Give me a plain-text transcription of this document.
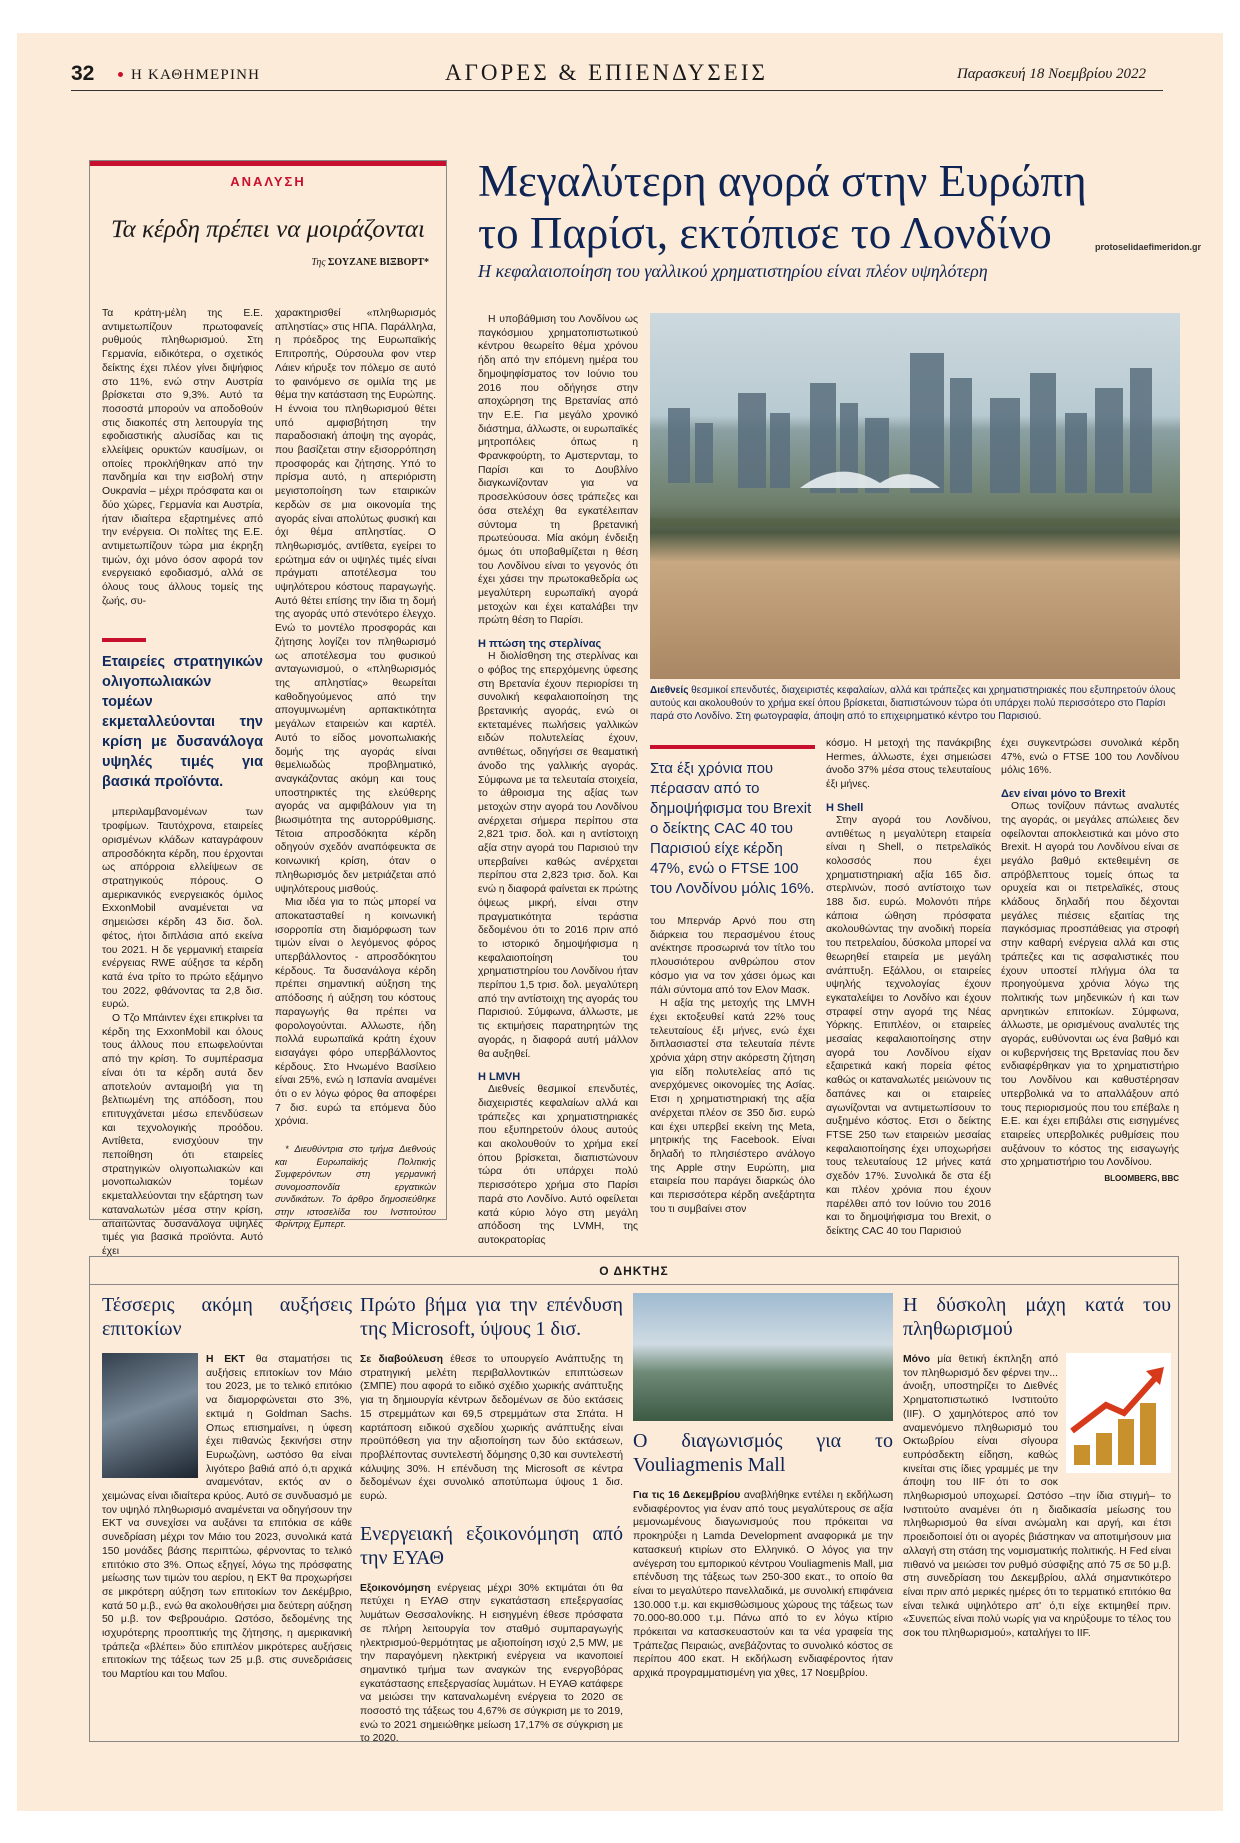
32	Η ΚΑΘΗΜΕΡΙΝΗ	ΑΓΟΡΕΣ & ΕΠΙΕΝΔΥΣΕΙΣ	Παρασκευή 18 Νοεμβρίου 2022
ΑΝΑΛΥΣΗ
Τα κέρδη πρέπει να μοιράζονται
Της ΣΟΥΖΑΝΕ ΒΙΞΒΟΡΤ*

Τα κράτη-μέλη της Ε.Ε. αντιμετωπίζουν πρωτοφανείς ρυθμούς πληθωρισμού. Στη Γερμανία, ειδικότερα, ο σχετικός δείκτης έχει πλέον γίνει διψήφιος στο 11%, ενώ στην Αυστρία βρίσκεται στο 9,3%. Αυτό τα ποσοστά μπορούν να αποδοθούν στις διακοπές στη λειτουργία της εφοδιαστικής αλυσίδας και τις ελλείψεις ορυκτών καυσίμων, οι οποίες προκλήθηκαν από την πανδημία και την εισβολή στην Ουκρανία – μέχρι πρόσφατα και οι δύο χώρες, Γερμανία και Αυστρία, ήταν ιδιαίτερα εξαρτημένες από την ενέργεια. Οι πολίτες της Ε.Ε. αντιμετωπίζουν τώρα μια έκρηξη τιμών, όχι μόνο όσον αφορά τον ενεργειακό εφοδιασμό, αλλά σε όλους τους άλλους τομείς της ζωής, συ-

Εταιρείες στρατηγικών ολιγοπωλιακών τομέων εκμεταλλεύονται την κρίση με δυσανάλογα υψηλές τιμές για βασικά προϊόντα.

μπεριλαμβανομένων των τροφίμων. Ταυτόχρονα, εταιρείες ορισμένων κλάδων καταγράφουν απροσδόκητα κέρδη, που έρχονται ως απόρροια ελλείψεων σε στρατηγικούς πόρους. Ο αμερικανικός ενεργειακός όμιλος ExxonMobil αναμένεται να σημειώσει κέρδη 43 δισ. δολ. φέτος, ήτοι διπλάσια από εκείνα του 2021. Η δε γερμανική εταιρεία ενέργειας RWE αύξησε τα κέρδη κατά ένα τρίτο το πρώτο εξάμηνο του 2022, φθάνοντας τα 2,8 δισ. ευρώ.

Ο Τζο Μπάιντεν έχει επικρίνει τα κέρδη της ExxonMobil και όλους τους άλλους που επωφελούνται από την κρίση. Το συμπέρασμα είναι ότι τα κέρδη αυτά δεν αποτελούν ανταμοιβή για τη βελτιωμένη της απόδοση, που επιτυγχάνεται μέσω επενδύσεων και τεχνολογικής προόδου. Αντίθετα, ενισχύουν την πεποίθηση ότι εταιρείες στρατηγικών ολιγοπωλιακών και μονοπωλιακών τομέων εκμεταλλεύονται την εξάρτηση των καταναλωτών μέσα στην κρίση, απαιτώντας δυσανάλογα υψηλές τιμές για βασικά προϊόντα. Αυτό έχει

χαρακτηρισθεί «πληθωρισμός απληστίας» στις ΗΠΑ. Παράλληλα, η πρόεδρος της Ευρωπαϊκής Επιτροπής, Ούρσουλα φον ντερ Λάιεν κήρυξε τον πόλεμο σε αυτό το φαινόμενο σε ομιλία της με θέμα την κατάσταση της Ευρώπης. Η έννοια του πληθωρισμού θέτει υπό αμφισβήτηση την παραδοσιακή άποψη της αγοράς, που βασίζεται στην εξισορρόπηση προσφοράς και ζήτησης. Υπό το πρίσμα αυτό, η απεριόριστη μεγιστοποίηση των εταιρικών κερδών σε μια οικονομία της αγοράς είναι απολύτως φυσική και όχι θέμα απληστίας. Ο πληθωρισμός, αντίθετα, εγείρει το ερώτημα εάν οι υψηλές τιμές είναι πράγματι αποτέλεσμα του υψηλότερου κόστους παραγωγής. Αυτό θέτει επίσης την ίδια τη δομή της αγοράς υπό στενότερο έλεγχο. Ενώ το μοντέλο προσφοράς και ζήτησης λογίζει τον πληθωρισμό ως αποτέλεσμα του φυσικού ανταγωνισμού, ο «πληθωρισμός της απληστίας» θεωρείται καθοδηγούμενος από την απογυμνωμένη αρπακτικότητα μεγάλων εταιρειών και καρτέλ. Αυτό το είδος μονοπωλιακής δομής της αγοράς είναι θεμελιωδώς προβληματικό, αναγκάζοντας ακόμη και τους υποστηρικτές της ελεύθερης αγοράς να αμφιβάλουν για τη βιωσιμότητα της αυτορρύθμισης. Τέτοια απροσδόκητα κέρδη οδηγούν σχεδόν αναπόφευκτα σε κοινωνική κρίση, όταν ο πληθωρισμός δεν μετριάζεται από υψηλότερους μισθούς.

Μια ιδέα για το πώς μπορεί να αποκατασταθεί η κοινωνική ισορροπία στη διαμόρφωση των τιμών είναι ο λεγόμενος φόρος υπερβάλλοντος - απροσδόκητου κέρδους. Τα δυσανάλογα κέρδη πρέπει σημαντική αύξηση της απόδοσης ή αύξηση του κόστους παραγωγής θα πρέπει να φορολογούνται. Αλλωστε, ήδη πολλά ευρωπαϊκά κράτη έχουν εισαγάγει φόρο υπερβάλλοντος κέρδους. Στο Ηνωμένο Βασίλειο είναι 25%, ενώ η Ισπανία αναμένει ότι ο εν λόγω φόρος θα αποφέρει 7 δισ. ευρώ τα επόμενα δύο χρόνια.

* Διευθύντρια στο τμήμα Διεθνούς και Ευρωπαϊκής Πολιτικής Συμφερόντων στη γερμανική συνομοσπονδία εργατικών συνδικάτων. Το άρθρο δημοσιεύθηκε στην ιστοσελίδα του Ινστιτούτου Φρίντριχ Εμπερτ.

Μεγαλύτερη αγορά στην Ευρώπη το Παρίσι, εκτόπισε το Λονδίνο	protoselidaefimeridon.gr
Η κεφαλαιοποίηση του γαλλικού χρηματιστηρίου είναι πλέον υψηλότερη
Διεθνείς θεσμικοί επενδυτές, διαχειριστές κεφαλαίων, αλλά και τράπεζες και χρηματιστηριακές που εξυπηρετούν όλους αυτούς και ακολουθούν το χρήμα εκεί όπου βρίσκεται, διαπιστώνουν τώρα ότι υπάρχει πολύ περισσότερο στο Παρίσι παρά στο Λονδίνο. Στη φωτογραφία, άποψη από το επιχειρηματικό κέντρο του Παρισιού.

Η υποβάθμιση του Λονδίνου ως παγκόσμιου χρηματοπιστωτικού κέντρου θεωρείτο θέμα χρόνου ήδη από την επόμενη ημέρα του δημοψηφίσματος τον Ιούνιο του 2016 που οδήγησε στην αποχώρηση της Βρετανίας από την Ε.Ε. Για μεγάλο χρονικό διάστημα, άλλωστε, οι ευρωπαϊκές μητροπόλεις όπως η Φρανκφούρτη, το Αμστερνταμ, το Παρίσι και το Δουβλίνο διαγκωνίζονταν για να προσελκύσουν όσες τράπεζες και όσα στελέχη θα εγκατέλειπαν σύντομα τη βρετανική πρωτεύουσα. Μία ακόμη ένδειξη όμως ότι υποβαθμίζεται η θέση του Λονδίνου είναι το γεγονός ότι έχει χάσει την πρωτοκαθεδρία ως μεγαλύτερη ευρωπαϊκή αγορά μετοχών και έχει καταλάβει την πρώτη θέση το Παρίσι.

Η πτώση της στερλίνας

Η διολίσθηση της στερλίνας και ο φόβος της επερχόμενης ύφεσης στη Βρετανία έχουν περιορίσει τη συνολική κεφαλαιοποίηση της βρετανικής αγοράς, ενώ οι εκτεταμένες πωλήσεις γαλλικών ειδών πολυτελείας έχουν, αντιθέτως, οδηγήσει σε θεαματική άνοδο της γαλλικής αγοράς. Σύμφωνα με τα τελευταία στοιχεία, το άθροισμα της αξίας των μετοχών στην αγορά του Λονδίνου ανέρχεται σήμερα περίπου στα 2,821 τρισ. δολ. και η αντίστοιχη αξία στην αγορά του Παρισιού την υπερβαίνει καθώς ανέρχεται περίπου στα 2,823 τρισ. δολ. Και ενώ η διαφορά φαίνεται εκ πρώτης όψεως μικρή, είναι στην πραγματικότητα τεράστια δεδομένου ότι το 2016 πριν από το ιστορικό δημοψήφισμα η κεφαλαιοποίηση του χρηματιστηρίου του Λονδίνου ήταν περίπου 1,5 τρισ. δολ. μεγαλύτερη από την αντίστοιχη της αγοράς του Παρισιού. Σύμφωνα, άλλωστε, με τις εκτιμήσεις παρατηρητών της αγοράς, η διαφορά αυτή μάλλον θα αυξηθεί.

Η LMVH

Διεθνείς θεσμικοί επενδυτές, διαχειριστές κεφαλαίων αλλά και τράπεζες και χρηματιστηριακές που εξυπηρετούν όλους αυτούς και ακολουθούν το χρήμα εκεί όπου βρίσκεται, διαπιστώνουν τώρα ότι υπάρχει πολύ περισσότερο χρήμα στο Παρίσι παρά στο Λονδίνο. Αυτό οφείλεται κατά κύριο λόγο στη μεγάλη απόδοση της LVMH, της αυτοκρατορίας

Στα έξι χρόνια που πέρασαν από το δημοψήφισμα του Brexit ο δείκτης CAC 40 του Παρισιού είχε κέρδη 47%, ενώ ο FTSE 100 του Λονδίνου μόλις 16%.

του Μπερνάρ Αρνό που στη διάρκεια του περασμένου έτους ανέκτησε προσωρινά τον τίτλο του πλουσιότερου ανθρώπου στον κόσμο για να τον χάσει όμως και πάλι σύντομα από τον Ελον Μασκ.

Η αξία της μετοχής της LMVH έχει εκτοξευθεί κατά 22% τους τελευταίους έξι μήνες, ενώ έχει διπλασιαστεί στα τελευταία πέντε χρόνια χάρη στην ακόρεστη ζήτηση για είδη πολυτελείας από τις ανερχόμενες οικονομίες της Ασίας. Ετσι η χρηματιστηριακή της αξία ανέρχεται πλέον σε 350 δισ. ευρώ και έχει υπερβεί εκείνη της Meta, μητρικής της Facebook. Είναι δηλαδή το πλησιέστερο ανάλογο της Apple στην Ευρώπη, μια εταιρεία που παράγει διαρκώς όλο και περισσότερα κέρδη ανεξάρτητα του τι συμβαίνει στον

κόσμο. Η μετοχή της πανάκριβης Hermes, άλλωστε, έχει σημειώσει άνοδο 37% μέσα στους τελευταίους έξι μήνες.

Η Shell

Στην αγορά του Λονδίνου, αντιθέτως η μεγαλύτερη εταιρεία είναι η Shell, ο πετρελαϊκός κολοσσός που έχει χρηματιστηριακή αξία 165 δισ. στερλινών, ποσό αντίστοιχο των 188 δισ. ευρώ. Μολονότι πήρε κάποια ώθηση πρόσφατα ακολουθώντας την ανοδική πορεία του πετρελαίου, δύσκολα μπορεί να θεωρηθεί εταιρεία με μεγάλη ανάπτυξη. Εξάλλου, οι εταιρείες υψηλής τεχνολογίας έχουν εγκαταλείψει το Λονδίνο και έχουν στραφεί στην αγορά της Νέας Υόρκης. Επιπλέον, οι εταιρείες μεσαίας κεφαλαιοποίησης στην αγορά του Λονδίνου είχαν εξαιρετικά κακή πορεία φέτος καθώς οι καταναλωτές μειώνουν τις δαπάνες και οι εταιρείες αγωνίζονται να αντιμετωπίσουν το αυξημένο κόστος. Ετσι ο δείκτης FTSE 250 των εταιρειών μεσαίας κεφαλαιοποίησης έχει υποχωρήσει τους τελευταίους 12 μήνες κατά σχεδόν 17%. Συνολικά δε στα έξι και πλέον χρόνια που έχουν παρέλθει από τον Ιούνιο του 2016 και το δημοψήφισμα του Brexit, ο δείκτης CAC 40 του Παρισιού

έχει συγκεντρώσει συνολικά κέρδη 47%, ενώ ο FTSE 100 του Λονδίνου μόλις 16%.

Δεν είναι μόνο το Brexit

Οπως τονίζουν πάντως αναλυτές της αγοράς, οι μεγάλες απώλειες δεν οφείλονται αποκλειστικά και μόνο στο Brexit. Η αγορά του Λονδίνου είναι σε μεγάλο βαθμό εκτεθειμένη σε απρόβλεπτους τομείς όπως τα ορυχεία και οι πετρελαϊκές, στους κλάδους δηλαδή που δέχονται μεγάλες πιέσεις εξαιτίας της παγκόσμιας προσπάθειας για στροφή στην καθαρή ενέργεια αλλά και στις τράπεζες και τις ασφαλιστικές που έχουν υποστεί πλήγμα όλα τα προηγούμενα χρόνια λόγω της πολιτικής των μηδενικών ή και των αρνητικών επιτοκίων. Σύμφωνα, άλλωστε, με ορισμένους αναλυτές της αγοράς, ευθύνονται ως ένα βαθμό και οι κυβερνήσεις της Βρετανίας που δεν ενδιαφέρθηκαν για το χρηματιστήριο του Λονδίνου και καθυστέρησαν υπερβολικά να το απαλλάξουν από τους περιορισμούς που του επέβαλε η Ε.Ε. και έχει επιβάλει στις εισηγμένες εταιρείες υπερβολικές ρυθμίσεις που αυξάνουν το κόστος της εισαγωγής στο χρηματιστήριο του Λονδίνου.

BLOOMBERG, BBC
Ο ΔΗΚΤΗΣ
Τέσσερις ακόμη αυξήσεις επιτοκίων

Η ΕΚΤ θα σταματήσει τις αυξήσεις επιτοκίων τον Μάιο του 2023, με το τελικό επιτόκιο να διαμορφώνεται στο 3%, εκτιμά η Goldman Sachs. Οπως επισημαίνει, η ύφεση έχει πιθανώς ξεκινήσει στην Ευρωζώνη, ωστόσο θα είναι λιγότερο βαθιά από ό,τι αρχικά αναμενόταν, εκτός αν ο χειμώνας είναι ιδιαίτερα κρύος. Αυτό σε συνδυασμό με τον υψηλό πληθωρισμό αναμένεται να οδηγήσουν την ΕΚΤ να συνεχίσει να αυξάνει τα επιτόκια σε κάθε συνεδρίαση μέχρι τον Μάιο του 2023, συνολικά κατά 150 μονάδες βάσης περιπτώω, φέρνοντας το τελικό επιτόκιο στο 3%. Οπως εξηγεί, λόγω της πρόσφατης μείωσης των τιμών του αερίου, η ΕΚΤ θα προχωρήσει σε μικρότερη αύξηση των επιτοκίων τον Δεκέμβριο, κατά 50 μ.β., ενώ θα ακολουθήσει μια δεύτερη αύξηση 50 μ.β. τον Φεβρουάριο. Ωστόσο, δεδομένης της ισχυρότερης προοπτικής της ζήτησης, η αμερικανική τράπεζα «βλέπει» δύο επιπλέον μικρότερες αυξήσεις επιτοκίων της τάξεως των 25 μ.β. στις συνεδριάσεις του Μαρτίου και του Μαΐου.

Πρώτο βήμα για την επένδυση της Microsoft, ύψους 1 δισ.

Σε διαβούλευση έθεσε το υπουργείο Ανάπτυξης τη στρατηγική μελέτη περιβαλλοντικών επιπτώσεων (ΣΜΠΕ) που αφορά το ειδικό σχέδιο χωρικής ανάπτυξης για τη δημιουργία κέντρων δεδομένων σε δύο εκτάσεις 15 στρεμμάτων και 69,5 στρεμμάτων στα Σπάτα. Η καρτάποση ειδικού σχεδίου χωρικής ανάπτυξης είναι προϋπόθεση για την αξιοποίηση των δύο εκτάσεων, προβλέποντας συντελεστή δόμησης 0,30 και συντελεστή κάλυψης 30%. Η επένδυση της Microsoft σε κέντρα δεδομένων έχει συνολικό αποτύπωμα ύψους 1 δισ. ευρώ.

Ενεργειακή εξοικονόμηση από την ΕΥΑΘ

Εξοικονόμηση ενέργειας μέχρι 30% εκτιμάται ότι θα πετύχει η ΕΥΑΘ στην εγκατάσταση επεξεργασίας λυμάτων Θεσσαλονίκης. Η εισηγμένη έθεσε πρόσφατα σε πλήρη λειτουργία τον σταθμό συμπαραγωγής ηλεκτρισμού-θερμότητας με αξιοποίηση ισχύ 2,5 MW, με την παραγόμενη ηλεκτρική ενέργεια να ικανοποιεί σημαντικό τμήμα των αναγκών της ενεργοβόρας εγκατάστασης επεξεργασίας λυμάτων. Η ΕΥΑΘ κατάφερε να μειώσει την καταναλωμένη ενέργεια το 2020 σε ποσοστό της τάξεως του 4,67% σε σύγκριση με το 2019, ενώ το 2021 σημειώθηκε μείωση 17,17% σε σύγκριση με το 2020.

Ο διαγωνισμός για το Vouliagmenis Mall

Για τις 16 Δεκεμβρίου αναβλήθηκε εντέλει η εκδήλωση ενδιαφέροντος για έναν από τους μεγαλύτερους σε αξία μεμονωμένους διαγωνισμούς που πρόκειται να προκηρύξει η Lamda Development αναφορικά με την κατασκευή κτιρίων στο Ελληνικό. Ο λόγος για την ανέγερση του εμπορικού κέντρου Vouliagmenis Mall, μια επένδυση της τάξεως των 250-300 εκατ., το οποίο θα είναι το μεγαλύτερο πανελλαδικά, με συνολική επιφάνεια 130.000 τ.μ. και εκμισθώσιμους χώρους της τάξεως των 70.000-80.000 τ.μ. Πάνω από το εν λόγω κτίριο πρόκειται να κατασκευαστούν και τα νέα γραφεία της Τράπεζας Πειραιώς, ανεβάζοντας το συνολικό κόστος σε περίπου 400 εκατ. Η εκδήλωση ενδιαφέροντος ήταν αρχικά προγραμματισμένη για χθες, 17 Νοεμβρίου.

Η δύσκολη μάχη κατά του πληθωρισμού

Μόνο μία θετική έκπληξη από τον πληθωρισμό δεν φέρνει την... άνοιξη, υποστηρίζει το Διεθνές Χρηματοπιστωτικό Ινστιτούτο (IIF). Ο χαμηλότερος από τον αναμενόμενο πληθωρισμό του Οκτωβρίου είναι σίγουρα ευπρόσδεκτη είδηση, καθώς κινείται στις ίδιες γραμμές με την άποψη του IIF ότι το σοκ πληθωρισμού υποχωρεί. Ωστόσο –την ίδια στιγμή– το Ινστιτούτο αναμένει ότι η διαδικασία μείωσης του πληθωρισμού θα είναι ανώμαλη και αργή, και έτσι προειδοποιεί ότι οι αγορές βιάστηκαν να αποτιμήσουν μια αλλαγή στη στάση της νομισματικής πολιτικής. Η Fed είναι πιθανό να μειώσει τον ρυθμό σύσφιξης από 75 σε 50 μ.β. στη συνεδρίαση του Δεκεμβρίου, αλλά σημαντικότερο είναι πριν από μερικές ημέρες ότι το τερματικό επιτόκιο θα είναι τελικά υψηλότερο απ' ό,τι είχε εκτιμηθεί πριν. «Συνεπώς είναι πολύ νωρίς για να κηρύξουμε το τέλος του σοκ του πληθωρισμού», καταλήγει το IIF.
